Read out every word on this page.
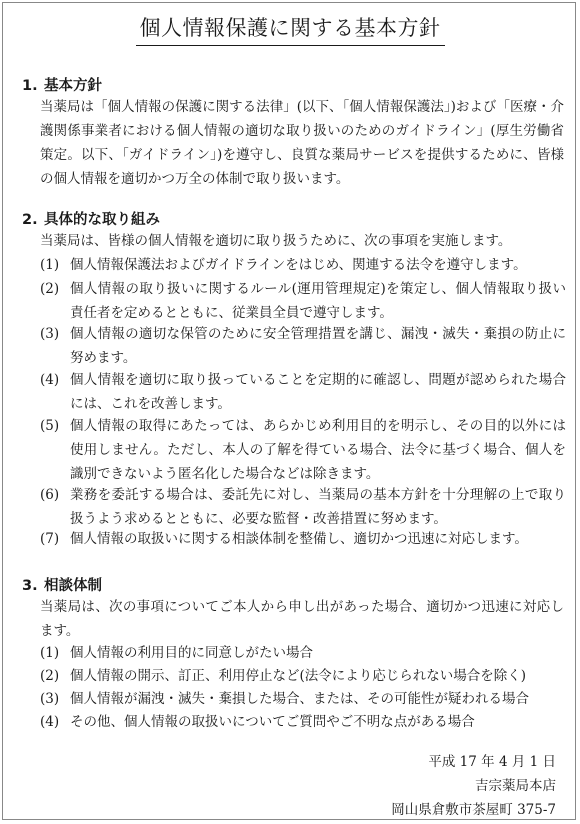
個人情報保護に関する基本方針
1. 基本方針
当薬局は「個人情報の保護に関する法律」(以下、「個人情報保護法」)および「医療・介護関係事業者における個人情報の適切な取り扱いのためのガイドライン」(厚生労働省策定。以下、「ガイドライン」)を遵守し、良質な薬局サービスを提供するために、皆様の個人情報を適切かつ万全の体制で取り扱います。
2. 具体的な取り組み
当薬局は、皆様の個人情報を適切に取り扱うために、次の事項を実施します。
(1) 個人情報保護法およびガイドラインをはじめ、関連する法令を遵守します。
(2) 個人情報の取り扱いに関するルール(運用管理規定)を策定し、個人情報取り扱い責任者を定めるとともに、従業員全員で遵守します。
(3) 個人情報の適切な保管のために安全管理措置を講じ、漏洩・滅失・棄損の防止に努めます。
(4) 個人情報を適切に取り扱っていることを定期的に確認し、問題が認められた場合には、これを改善します。
(5) 個人情報の取得にあたっては、あらかじめ利用目的を明示し、その目的以外には使用しません。ただし、本人の了解を得ている場合、法令に基づく場合、個人を識別できないよう匿名化した場合などは除きます。
(6) 業務を委託する場合は、委託先に対し、当薬局の基本方針を十分理解の上で取り扱うよう求めるとともに、必要な監督・改善措置に努めます。
(7) 個人情報の取扱いに関する相談体制を整備し、適切かつ迅速に対応します。
3. 相談体制
当薬局は、次の事項についてご本人から申し出があった場合、適切かつ迅速に対応します。
(1) 個人情報の利用目的に同意しがたい場合
(2) 個人情報の開示、訂正、利用停止など(法令により応じられない場合を除く)
(3) 個人情報が漏洩・滅失・棄損した場合、または、その可能性が疑われる場合
(4) その他、個人情報の取扱いについてご質問やご不明な点がある場合
平成 17 年 4 月 1 日
吉宗薬局本店
岡山県倉敷市茶屋町 375-7
